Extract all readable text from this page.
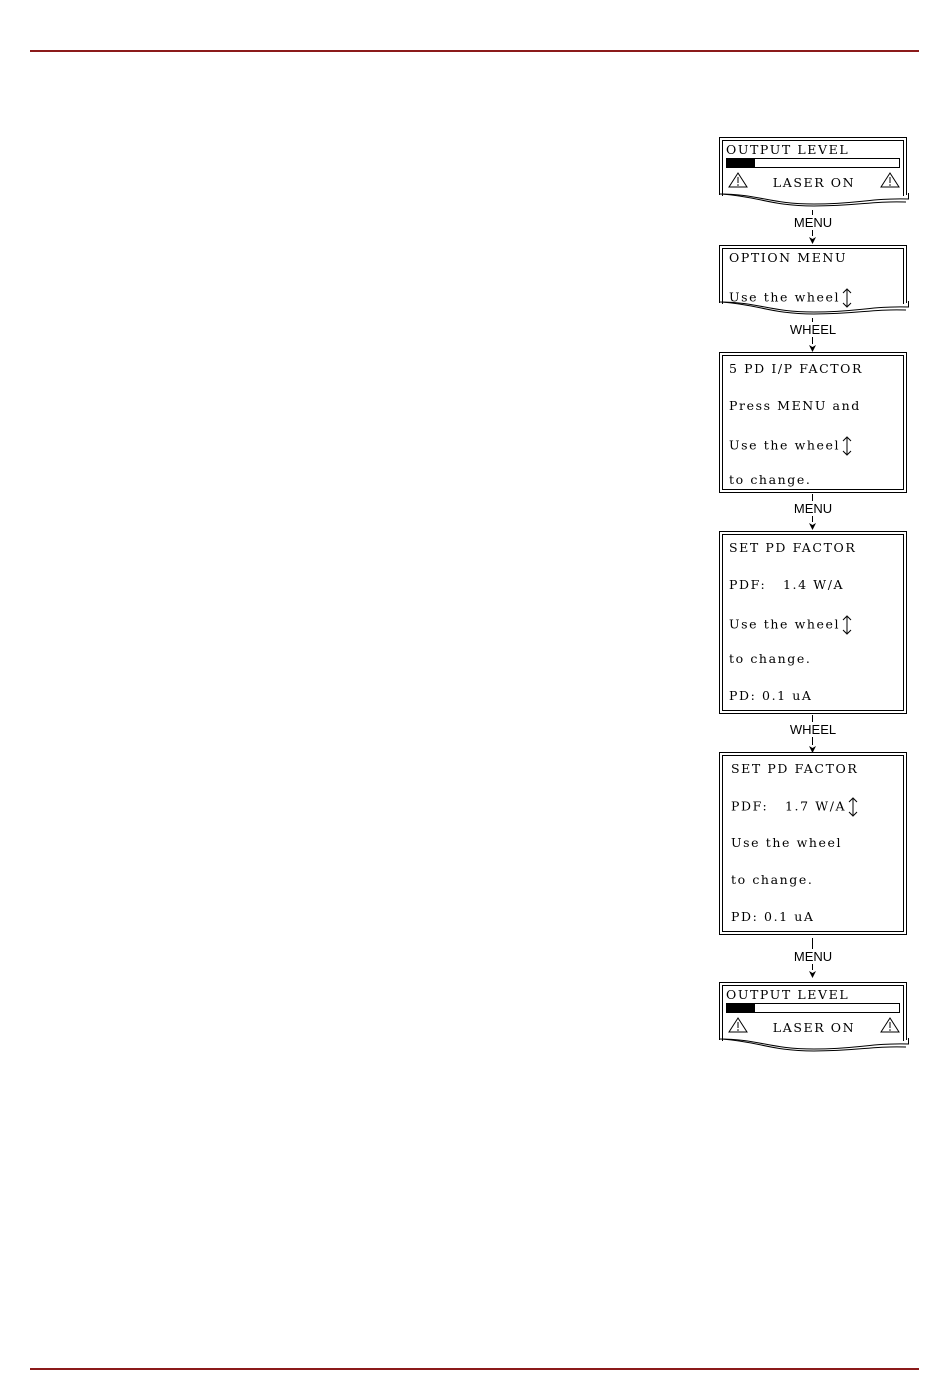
OUTPUT LEVEL
LASER ON
MENU
OPTION MENU
Use the wheel
WHEEL
5 PD I/P FACTOR
Press MENU and
Use the wheel
to change.
MENU
SET PD FACTOR
PDF:   1.4 W/A
Use the wheel
to change.
PD: 0.1 uA
WHEEL
SET PD FACTOR
PDF:   1.7 W/A
Use the wheel
to change.
PD: 0.1 uA
MENU
OUTPUT LEVEL
LASER ON
